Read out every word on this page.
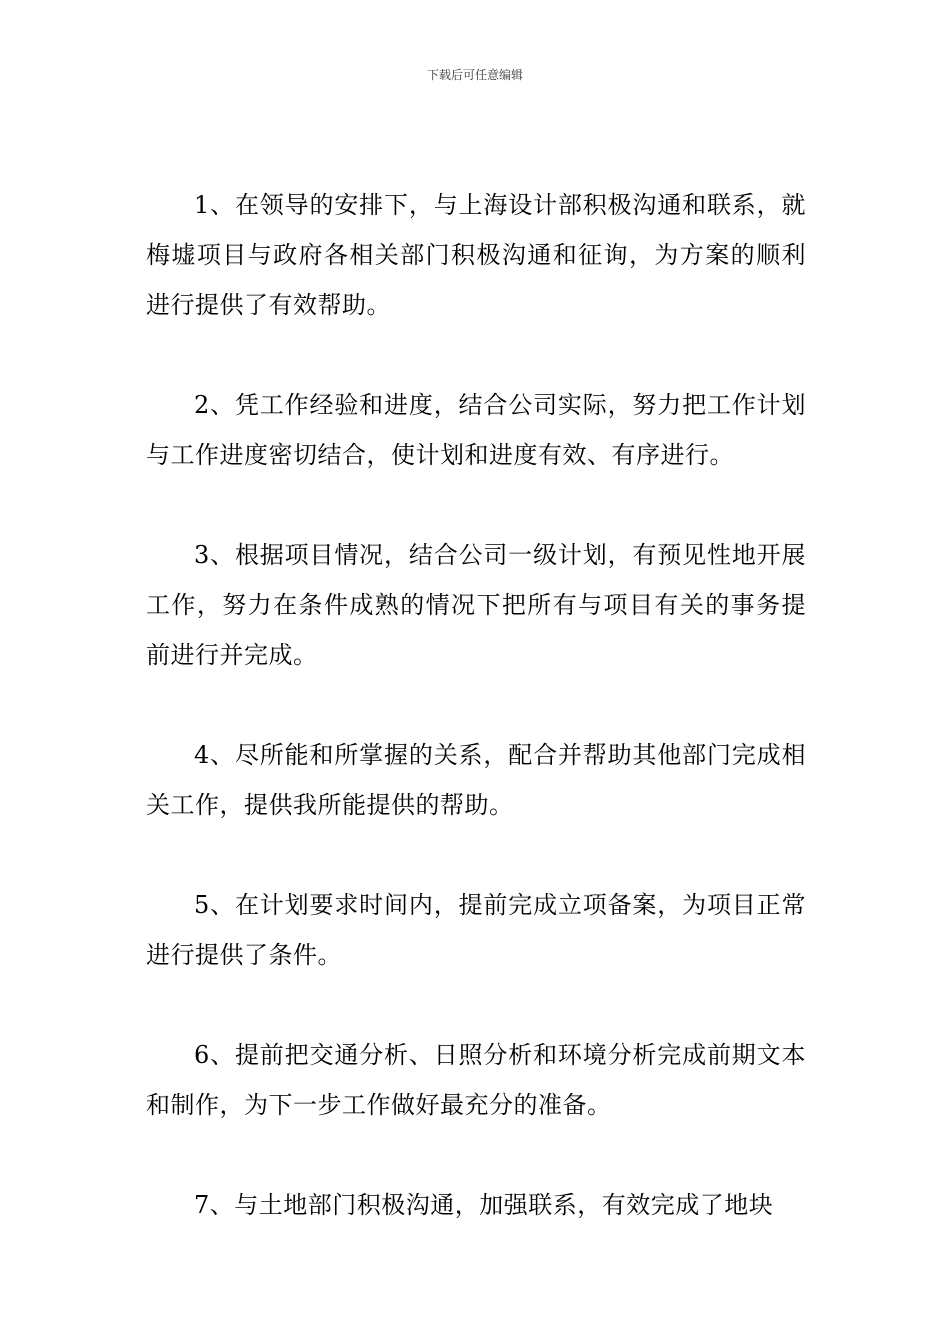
下载后可任意编辑

1、在领导的安排下，与上海设计部积极沟通和联系，就梅墟项目与政府各相关部门积极沟通和征询，为方案的顺利进行提供了有效帮助。

2、凭工作经验和进度，结合公司实际，努力把工作计划与工作进度密切结合，使计划和进度有效、有序进行。

3、根据项目情况，结合公司一级计划，有预见性地开展工作，努力在条件成熟的情况下把所有与项目有关的事务提前进行并完成。

4、尽所能和所掌握的关系，配合并帮助其他部门完成相关工作，提供我所能提供的帮助。

5、在计划要求时间内，提前完成立项备案，为项目正常进行提供了条件。

6、提前把交通分析、日照分析和环境分析完成前期文本和制作，为下一步工作做好最充分的准备。

7、与土地部门积极沟通，加强联系，有效完成了地块
